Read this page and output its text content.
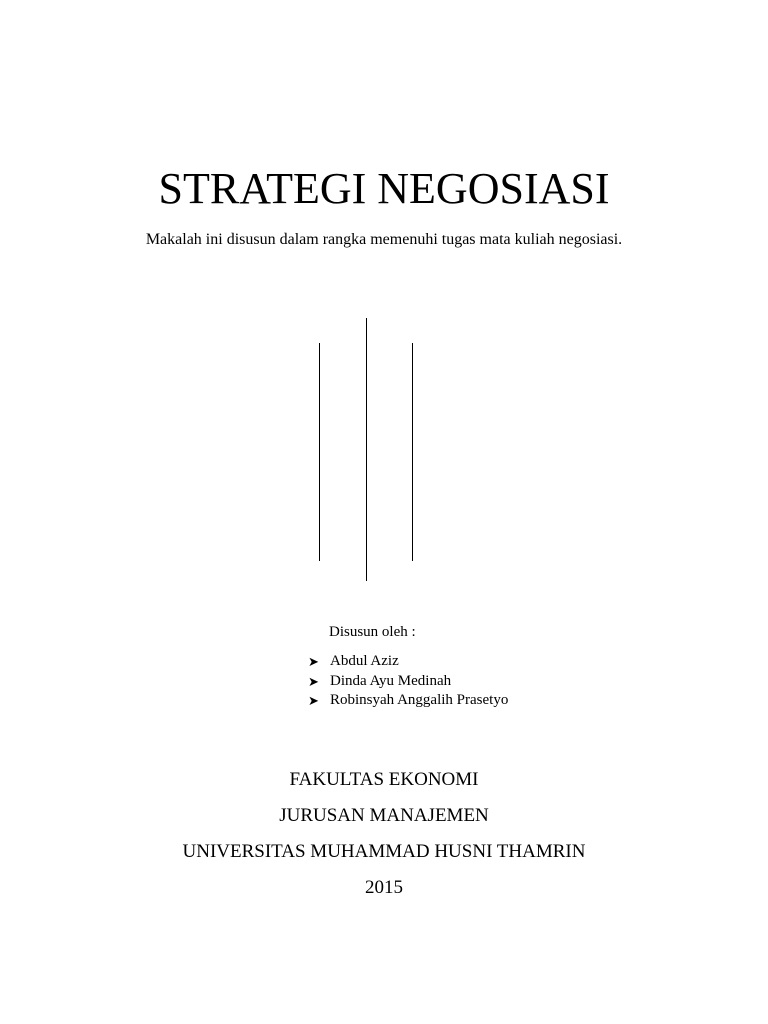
STRATEGI NEGOSIASI
Makalah ini disusun dalam rangka memenuhi tugas mata kuliah negosiasi.
Disusun oleh :
➤ Abdul Aziz
➤ Dinda Ayu Medinah
➤ Robinsyah Anggalih Prasetyo
FAKULTAS EKONOMI
JURUSAN MANAJEMEN
UNIVERSITAS MUHAMMAD HUSNI THAMRIN
2015
